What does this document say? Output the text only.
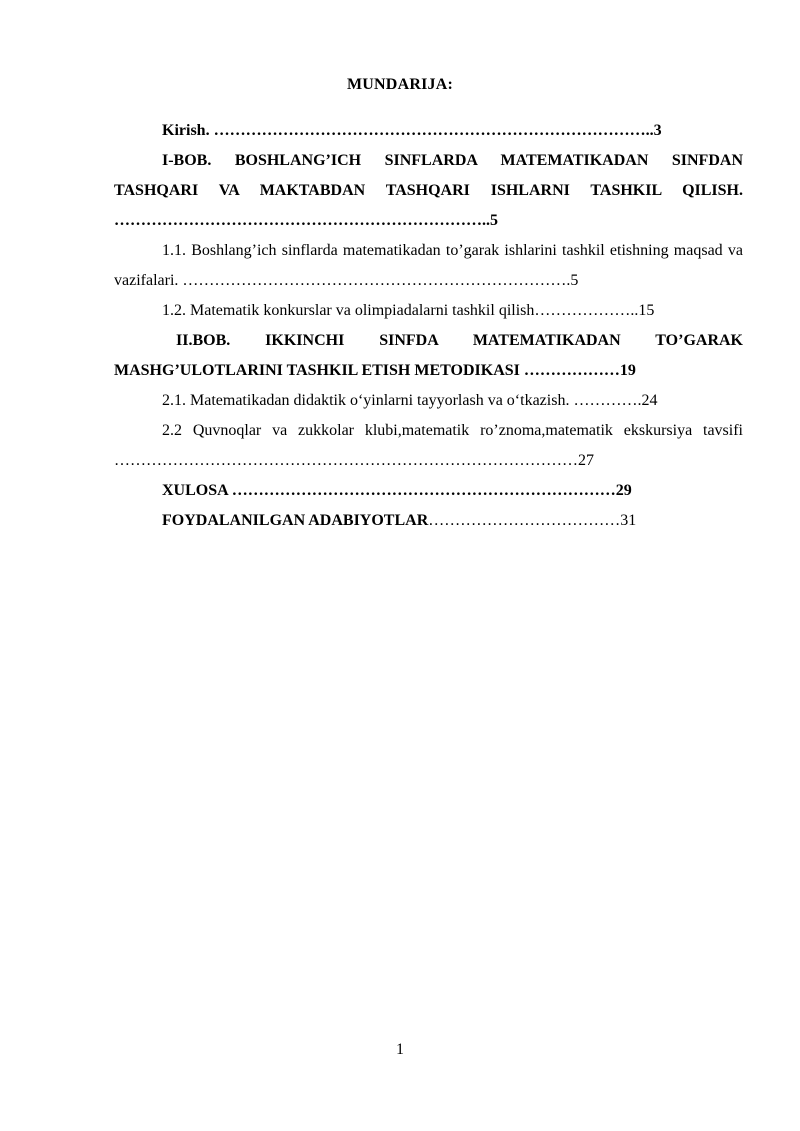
MUNDARIJA:

Kirish. ………………………………………………………………………..3

I-BOB. BOSHLANG’ICH SINFLARDA MATEMATIKADAN SINFDAN TASHQARI VA MAKTABDAN TASHQARI ISHLARNI TASHKIL QILISH. ……………………………………………………………..5

1.1. Boshlang’ich sinflarda matematikadan to’garak ishlarini tashkil etishning maqsad va vazifalari. ……………………………………………………………….5

1.2. Matematik konkurslar va olimpiadalarni tashkil qilish………………..15

II.BOB. IKKINCHI SINFDA MATEMATIKADAN TO’GARAK MASHG’ULOTLARINI TASHKIL ETISH METODIKASI ………………19

2.1. Matematikadan didaktik oʻyinlarni tayyorlash va oʻtkazish. ………….24

2.2 Quvnoqlar va zukkolar klubi,matematik ro’znoma,matematik ekskursiya tavsifi ……………………………………………………………………………27

XULOSA ………………………………………………………………29

FOYDALANILGAN ADABIYOTLAR………………………………31

1
